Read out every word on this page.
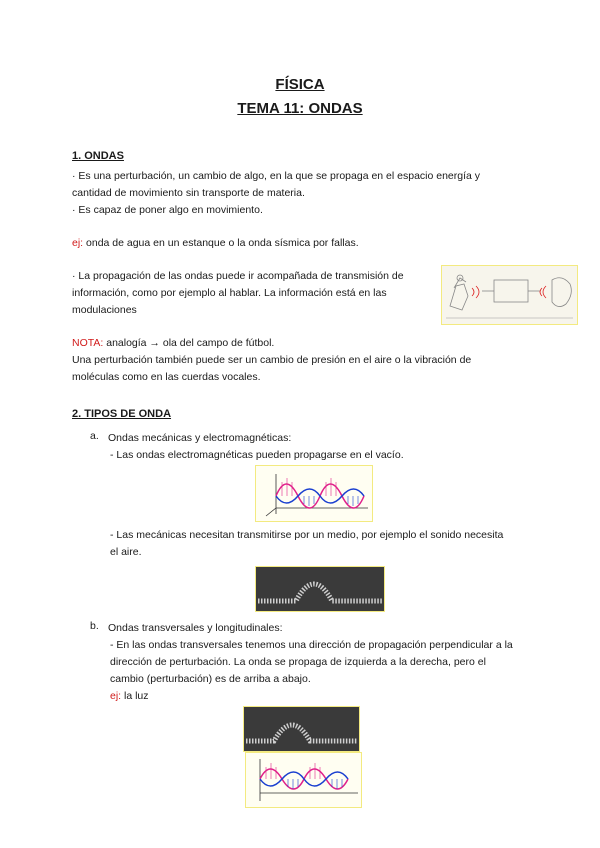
FÍSICA
TEMA 11: ONDAS
1. ONDAS
· Es una perturbación, un cambio de algo, en la que se propaga en el espacio energía y
cantidad de movimiento sin transporte de materia.
· Es capaz de poner algo en movimiento.
ej: onda de agua en un estanque o la onda sísmica por fallas.
· La propagación de las ondas puede ir acompañada de transmisión de
información, como por ejemplo al hablar. La información está en las
modulaciones
NOTA: analogía → ola del campo de fútbol.
Una perturbación también puede ser un cambio de presión en el aire o la vibración de
moléculas como en las cuerdas vocales.
2. TIPOS DE ONDA
a. Ondas mecánicas y electromagnéticas:
- Las ondas electromagnéticas pueden propagarse en el vacío.
- Las mecánicas necesitan transmitirse por un medio, por ejemplo el sonido necesita
el aire.
b. Ondas transversales y longitudinales:
- En las ondas transversales tenemos una dirección de propagación perpendicular a la
dirección de perturbación. La onda se propaga de izquierda a la derecha, pero el
cambio (perturbación) es de arriba a abajo.
ej: la luz
